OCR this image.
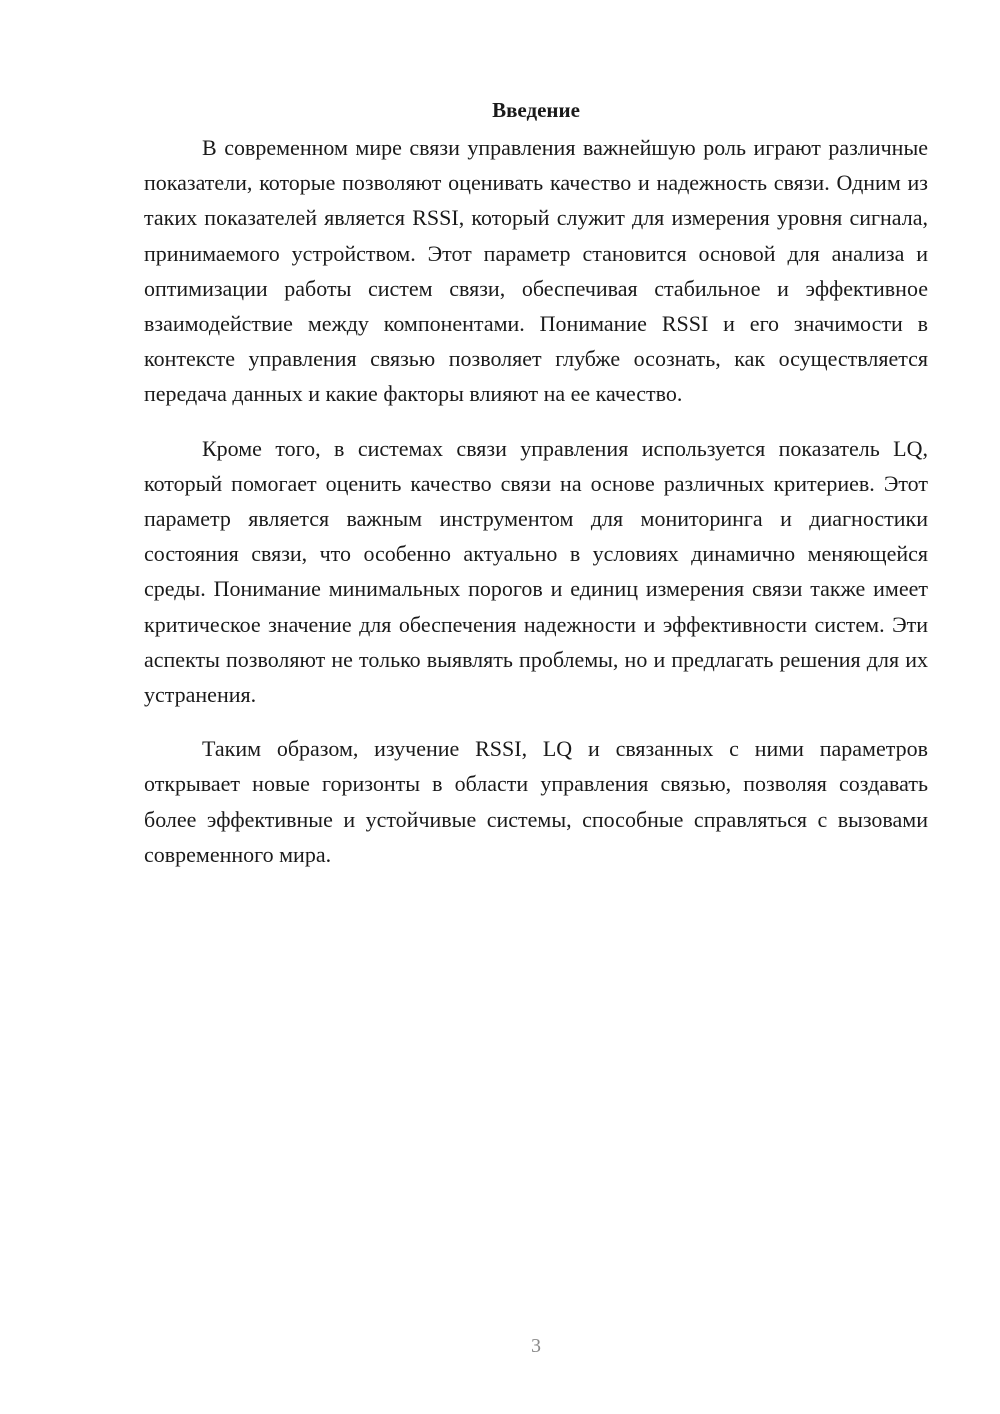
Введение

В современном мире связи управления важнейшую роль играют различные показатели, которые позволяют оценивать качество и надежность связи. Одним из таких показателей является RSSI, который служит для измерения уровня сигнала, принимаемого устройством. Этот параметр становится основой для анализа и оптимизации работы систем связи, обеспечивая стабильное и эффективное взаимодействие между компонентами. Понимание RSSI и его значимости в контексте управления связью позволяет глубже осознать, как осуществляется передача данных и какие факторы влияют на ее качество.

Кроме того, в системах связи управления используется показатель LQ, который помогает оценить качество связи на основе различных критериев. Этот параметр является важным инструментом для мониторинга и диагностики состояния связи, что особенно актуально в условиях динамично меняющейся среды. Понимание минимальных порогов и единиц измерения связи также имеет критическое значение для обеспечения надежности и эффективности систем. Эти аспекты позволяют не только выявлять проблемы, но и предлагать решения для их устранения.

Таким образом, изучение RSSI, LQ и связанных с ними параметров открывает новые горизонты в области управления связью, позволяя создавать более эффективные и устойчивые системы, способные справляться с вызовами современного мира.

3
